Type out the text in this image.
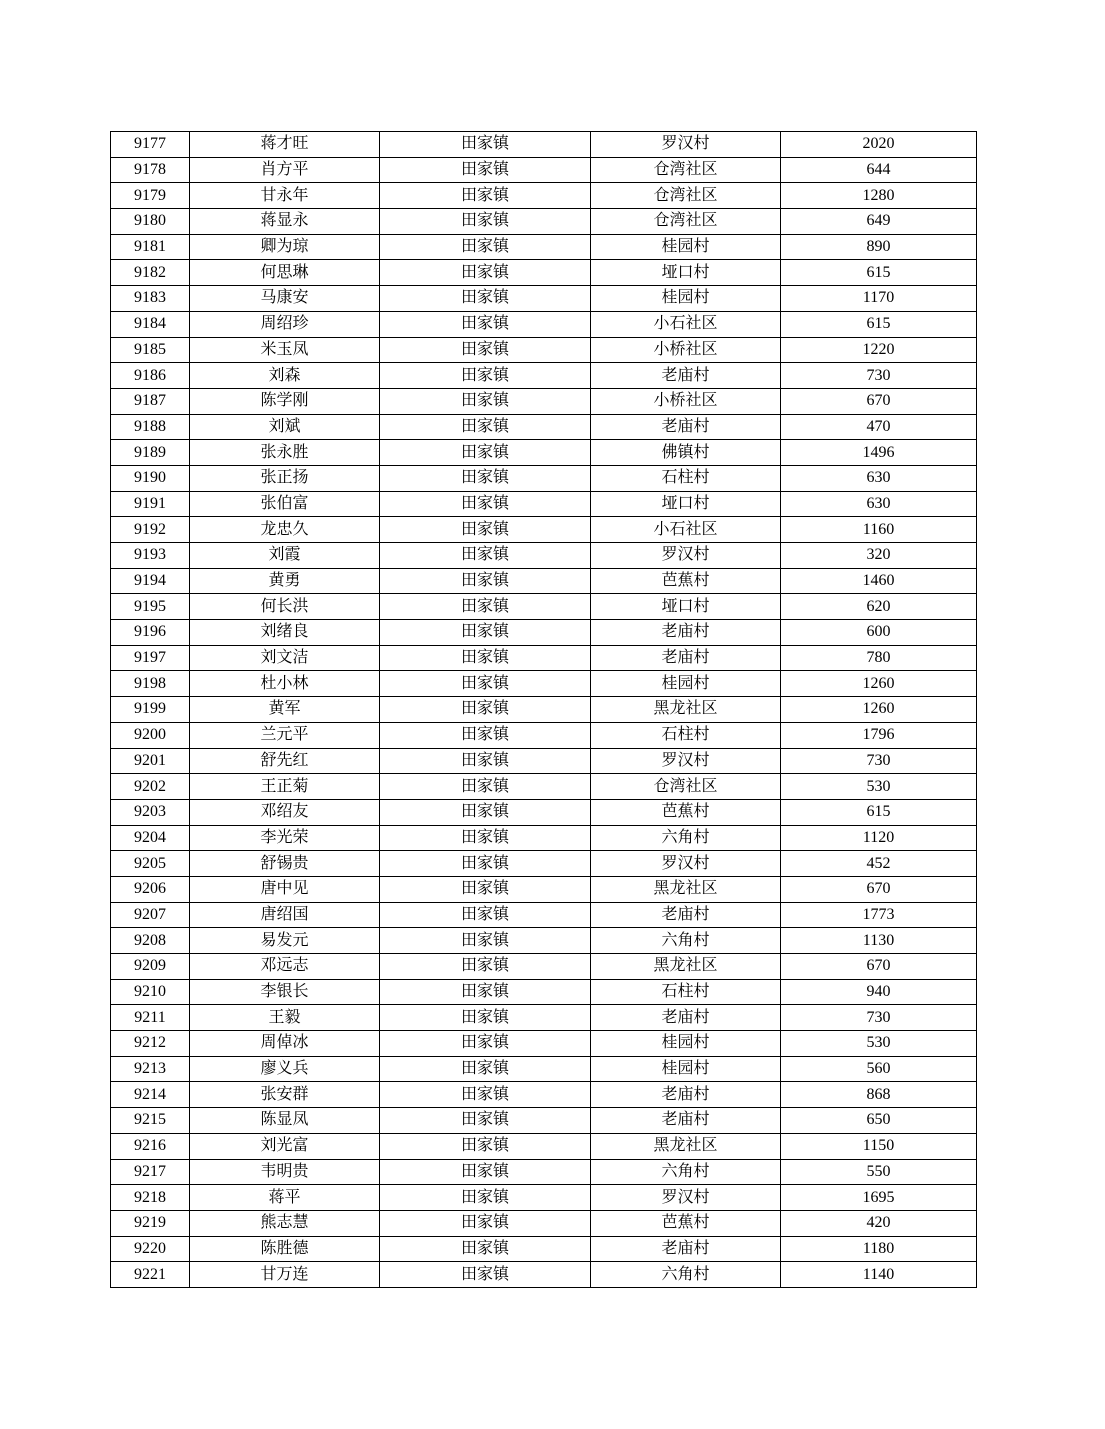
9177	蒋才旺	田家镇	罗汉村	2020
9178	肖方平	田家镇	仓湾社区	644
9179	甘永年	田家镇	仓湾社区	1280
9180	蒋显永	田家镇	仓湾社区	649
9181	卿为琼	田家镇	桂园村	890
9182	何思琳	田家镇	垭口村	615
9183	马康安	田家镇	桂园村	1170
9184	周绍珍	田家镇	小石社区	615
9185	米玉凤	田家镇	小桥社区	1220
9186	刘森	田家镇	老庙村	730
9187	陈学刚	田家镇	小桥社区	670
9188	刘斌	田家镇	老庙村	470
9189	张永胜	田家镇	佛镇村	1496
9190	张正扬	田家镇	石柱村	630
9191	张伯富	田家镇	垭口村	630
9192	龙忠久	田家镇	小石社区	1160
9193	刘霞	田家镇	罗汉村	320
9194	黄勇	田家镇	芭蕉村	1460
9195	何长洪	田家镇	垭口村	620
9196	刘绪良	田家镇	老庙村	600
9197	刘文洁	田家镇	老庙村	780
9198	杜小林	田家镇	桂园村	1260
9199	黄军	田家镇	黑龙社区	1260
9200	兰元平	田家镇	石柱村	1796
9201	舒先红	田家镇	罗汉村	730
9202	王正菊	田家镇	仓湾社区	530
9203	邓绍友	田家镇	芭蕉村	615
9204	李光荣	田家镇	六角村	1120
9205	舒锡贵	田家镇	罗汉村	452
9206	唐中见	田家镇	黑龙社区	670
9207	唐绍国	田家镇	老庙村	1773
9208	易发元	田家镇	六角村	1130
9209	邓远志	田家镇	黑龙社区	670
9210	李银长	田家镇	石柱村	940
9211	王毅	田家镇	老庙村	730
9212	周倬冰	田家镇	桂园村	530
9213	廖义兵	田家镇	桂园村	560
9214	张安群	田家镇	老庙村	868
9215	陈显凤	田家镇	老庙村	650
9216	刘光富	田家镇	黑龙社区	1150
9217	韦明贵	田家镇	六角村	550
9218	蒋平	田家镇	罗汉村	1695
9219	熊志慧	田家镇	芭蕉村	420
9220	陈胜德	田家镇	老庙村	1180
9221	甘万连	田家镇	六角村	1140
